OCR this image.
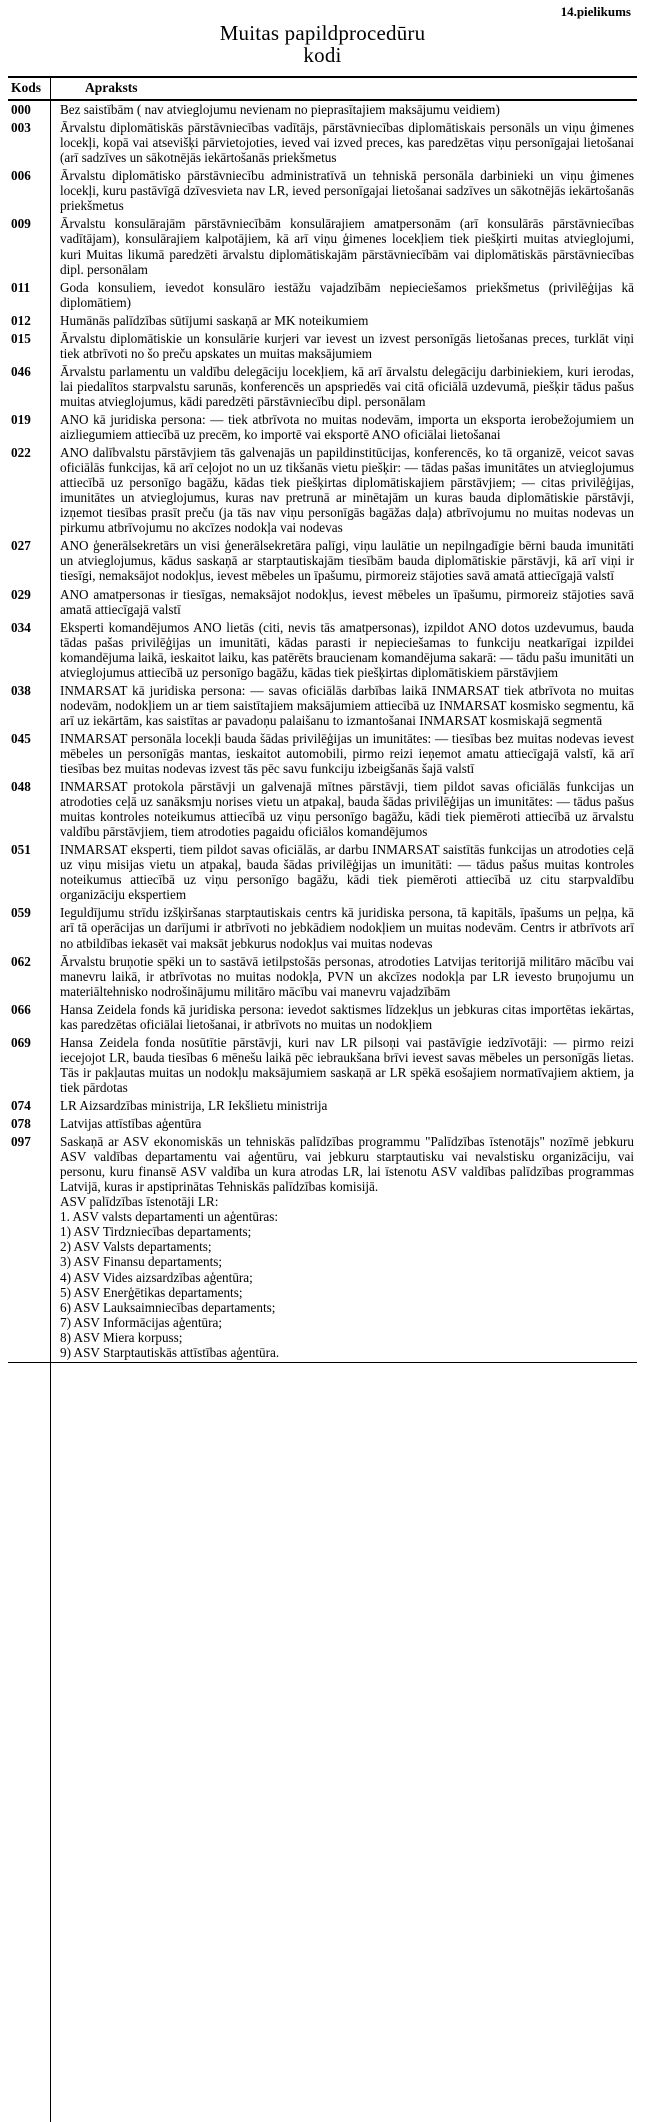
14.pielikums
Muitas papildprocedūru
kodi
Kods	Apraksts
000	Bez saistībām ( nav atvieglojumu nevienam no pieprasītajiem maksājumu veidiem)
003	Ārvalstu diplomātiskās pārstāvniecības vadītājs, pārstāvniecības diplomātiskais personāls un viņu ģimenes locekļi, kopā vai atsevišķi pārvietojoties, ieved vai izved preces, kas paredzētas viņu personīgajai lietošanai (arī sadzīves un sākotnējās iekārtošanās priekšmetus
006	Ārvalstu diplomātisko pārstāvniecību administratīvā un tehniskā personāla darbinieki un viņu ģimenes locekļi, kuru pastāvīgā dzīvesvieta nav LR, ieved personīgajai lietošanai sadzīves un sākotnējās iekārtošanās priekšmetus
009	Ārvalstu konsulārajām pārstāvniecībām konsulārajiem amatpersonām (arī konsulārās pārstāvniecības vadītājam), konsulārajiem kalpotājiem, kā arī viņu ģimenes locekļiem tiek piešķirti muitas atvieglojumi, kuri Muitas likumā paredzēti ārvalstu diplomātiskajām pārstāvniecībām vai diplomātiskās pārstāvniecības dipl. personālam
011	Goda konsuliem, ievedot konsulāro iestāžu vajadzībām nepieciešamos priekšmetus (privilēģijas kā diplomātiem)
012	Humānās palīdzības sūtījumi saskaņā ar MK noteikumiem
015	Ārvalstu diplomātiskie un konsulārie kurjeri var ievest un izvest personīgās lietošanas preces, turklāt viņi tiek atbrīvoti no šo preču apskates un muitas maksājumiem
046	Ārvalstu parlamentu un valdību delegāciju locekļiem, kā arī ārvalstu delegāciju darbiniekiem, kuri ierodas, lai piedalītos starpvalstu sarunās, konferencēs un apspriedēs vai citā oficiālā uzdevumā, piešķir tādus pašus muitas atvieglojumus, kādi paredzēti pārstāvniecību dipl. personālam
019	ANO kā juridiska persona: — tiek atbrīvota no muitas nodevām, importa un eksporta ierobežojumiem un aizliegumiem attiecībā uz precēm, ko importē vai eksportē ANO oficiālai lietošanai
022	ANO dalībvalstu pārstāvjiem tās galvenajās un papildinstitūcijas, konferencēs, ko tā organizē, veicot savas oficiālās funkcijas, kā arī ceļojot no un uz tikšanās vietu piešķir: — tādas pašas imunitātes un atvieglojumus attiecībā uz personīgo bagāžu, kādas tiek piešķirtas diplomātiskajiem pārstāvjiem; — citas privilēģijas, imunitātes un atvieglojumus, kuras nav pretrunā ar minētajām un kuras bauda diplomātiskie pārstāvji, izņemot tiesības prasīt preču (ja tās nav viņu personīgās bagāžas daļa) atbrīvojumu no muitas nodevas un pirkumu atbrīvojumu no akcīzes nodokļa vai nodevas
027	ANO ģenerālsekretārs un visi ģenerālsekretāra palīgi, viņu laulātie un nepilngadīgie bērni bauda imunitāti un atvieglojumus, kādus saskaņā ar starptautiskajām tiesībām bauda diplomātiskie pārstāvji, kā arī viņi ir tiesīgi, nemaksājot nodokļus, ievest mēbeles un īpašumu, pirmoreiz stājoties savā amatā attiecīgajā valstī
029	ANO amatpersonas ir tiesīgas, nemaksājot nodokļus, ievest mēbeles un īpašumu, pirmoreiz stājoties savā amatā attiecīgajā valstī
034	Eksperti komandējumos ANO lietās (citi, nevis tās amatpersonas), izpildot ANO dotos uzdevumus, bauda tādas pašas privilēģijas un imunitāti, kādas parasti ir nepieciešamas to funkciju neatkarīgai izpildei komandējuma laikā, ieskaitot laiku, kas patērēts braucienam komandējuma sakarā: — tādu pašu imunitāti un atvieglojumus attiecībā uz personīgo bagāžu, kādas tiek piešķirtas diplomātiskiem pārstāvjiem
038	INMARSAT kā juridiska persona: — savas oficiālās darbības laikā INMARSAT tiek atbrīvota no muitas nodevām, nodokļiem un ar tiem saistītajiem maksājumiem attiecībā uz INMARSAT kosmisko segmentu, kā arī uz iekārtām, kas saistītas ar pavadoņu palaišanu to izmantošanai INMARSAT kosmiskajā segmentā
045	INMARSAT personāla locekļi bauda šādas privilēģijas un imunitātes: — tiesības bez muitas nodevas ievest mēbeles un personīgās mantas, ieskaitot automobili, pirmo reizi ieņemot amatu attiecīgajā valstī, kā arī tiesības bez muitas nodevas izvest tās pēc savu funkciju izbeigšanās šajā valstī
048	INMARSAT protokola pārstāvji un galvenajā mītnes pārstāvji, tiem pildot savas oficiālās funkcijas un atrodoties ceļā uz sanāksmju norises vietu un atpakaļ, bauda šādas privilēģijas un imunitātes: — tādus pašus muitas kontroles noteikumus attiecībā uz viņu personīgo bagāžu, kādi tiek piemēroti attiecībā uz ārvalstu valdību pārstāvjiem, tiem atrodoties pagaidu oficiālos komandējumos
051	INMARSAT eksperti, tiem pildot savas oficiālās, ar darbu INMARSAT saistītās funkcijas un atrodoties ceļā uz viņu misijas vietu un atpakaļ, bauda šādas privilēģijas un imunitāti: — tādus pašus muitas kontroles noteikumus attiecībā uz viņu personīgo bagāžu, kādi tiek piemēroti attiecībā uz citu starpvaldību organizāciju ekspertiem
059	Ieguldījumu strīdu izšķiršanas starptautiskais centrs kā juridiska persona, tā kapitāls, īpašums un peļņa, kā arī tā operācijas un darījumi ir atbrīvoti no jebkādiem nodokļiem un muitas nodevām. Centrs ir atbrīvots arī no atbildības iekasēt vai maksāt jebkurus nodokļus vai muitas nodevas
062	Ārvalstu bruņotie spēki un to sastāvā ietilpstošās personas, atrodoties Latvijas teritorijā militāro mācību vai manevru laikā, ir atbrīvotas no muitas nodokļa, PVN un akcīzes nodokļa par LR ievesto bruņojumu un materiāltehnisko nodrošinājumu militāro mācību vai manevru vajadzībām
066	Hansa Zeidela fonds kā juridiska persona: ievedot saktismes līdzekļus un jebkuras citas importētas iekārtas, kas paredzētas oficiālai lietošanai, ir atbrīvots no muitas un nodokļiem
069	Hansa Zeidela fonda nosūtītie pārstāvji, kuri nav LR pilsoņi vai pastāvīgie iedzīvotāji: — pirmo reizi iecejojot LR, bauda tiesības 6 mēnešu laikā pēc iebraukšana brīvi ievest savas mēbeles un personīgās lietas. Tās ir pakļautas muitas un nodokļu maksājumiem saskaņā ar LR spēkā esošajiem normatīvajiem aktiem, ja tiek pārdotas
074	LR Aizsardzības ministrija, LR Iekšlietu ministrija
078	Latvijas attīstības aģentūra
097	Saskaņā ar ASV ekonomiskās un tehniskās palīdzības programmu "Palīdzības īstenotājs" nozīmē jebkuru ASV valdības departamentu vai aģentūru, vai jebkuru starptautisku vai nevalstisku organizāciju, vai personu, kuru finansē ASV valdība un kura atrodas LR, lai īstenotu ASV valdības palīdzības programmas Latvijā, kuras ir apstiprinātas Tehniskās palīdzības komisijā.
ASV palīdzības īstenotāji LR:
1. ASV valsts departamenti un aģentūras:
1) ASV Tirdzniecības departaments;
2) ASV Valsts departaments;
3) ASV Finansu departaments;
4) ASV Vides aizsardzības aģentūra;
5) ASV Enerģētikas departaments;
6) ASV Lauksaimniecības departaments;
7) ASV Informācijas aģentūra;
8) ASV Miera korpuss;
9) ASV Starptautiskās attīstības aģentūra.
